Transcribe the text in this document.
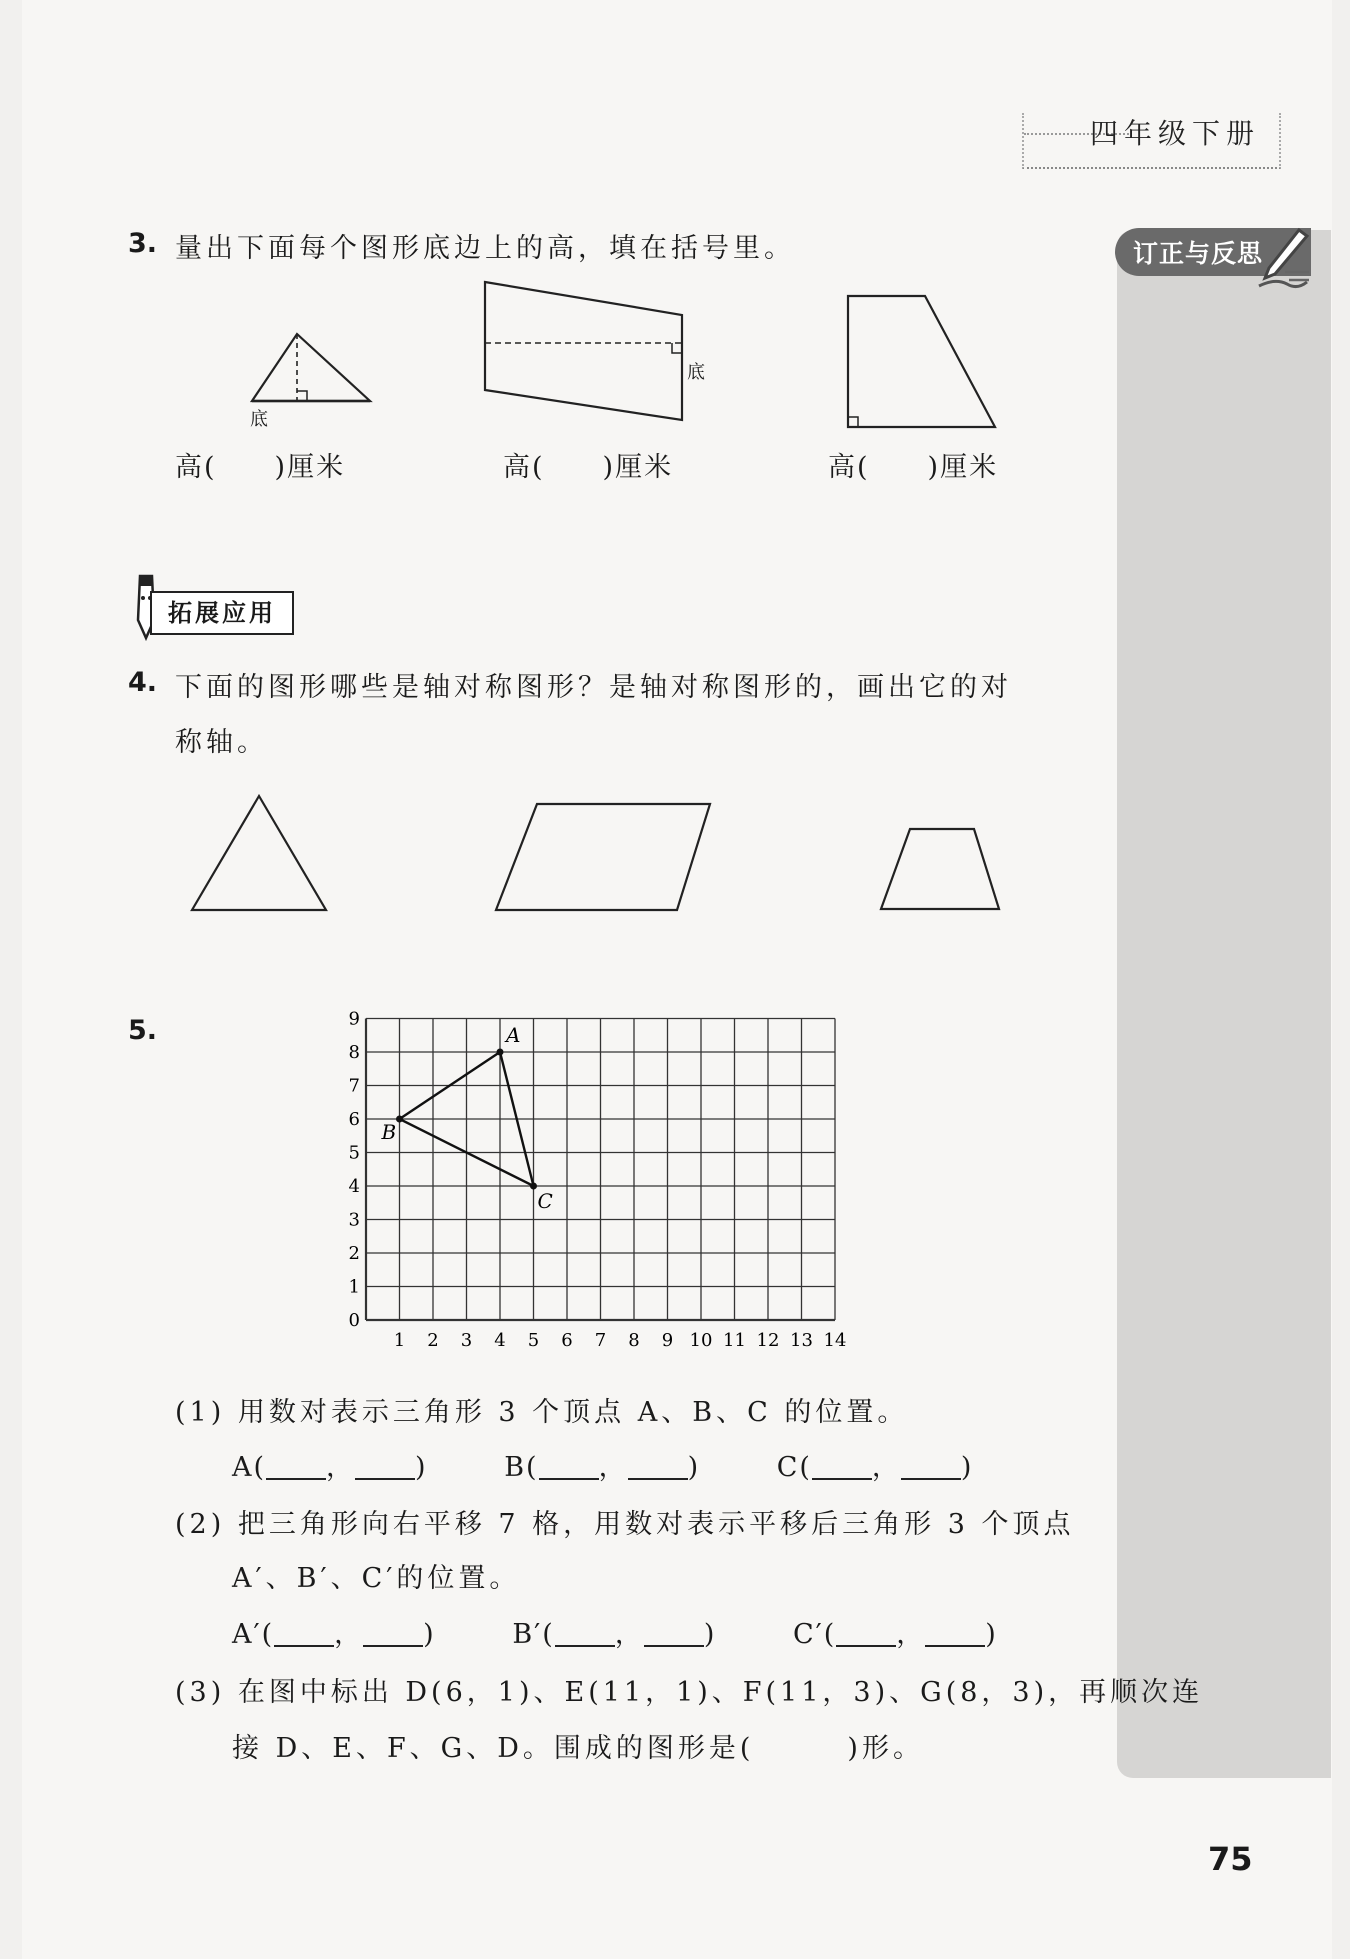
四年级下册
订正与反思
3. 量出下面每个图形底边上的高，填在括号里。
底
底
高(　　)厘米	高(　　)厘米	高(　　)厘米
拓展应用
4. 下面的图形哪些是轴对称图形？是轴对称图形的，画出它的对
称轴。
5.
0
1
2
3
4
5
6
7
8
9
1 2 3 4 5 6 7 8 9 10 11 12 13 14
A
B
C
(1) 用数对表示三角形 3 个顶点 A、B、C 的位置。
A( ， )	B( ， )	C( ， )
(2) 把三角形向右平移 7 格，用数对表示平移后三角形 3 个顶点
A′、B′、C′的位置。
A′( ， )	B′( ， )	C′( ， )
(3) 在图中标出 D(6，1)、E(11，1)、F(11，3)、G(8，3)，再顺次连
接 D、E、F、G、D。围成的图形是(　　　)形。
75
